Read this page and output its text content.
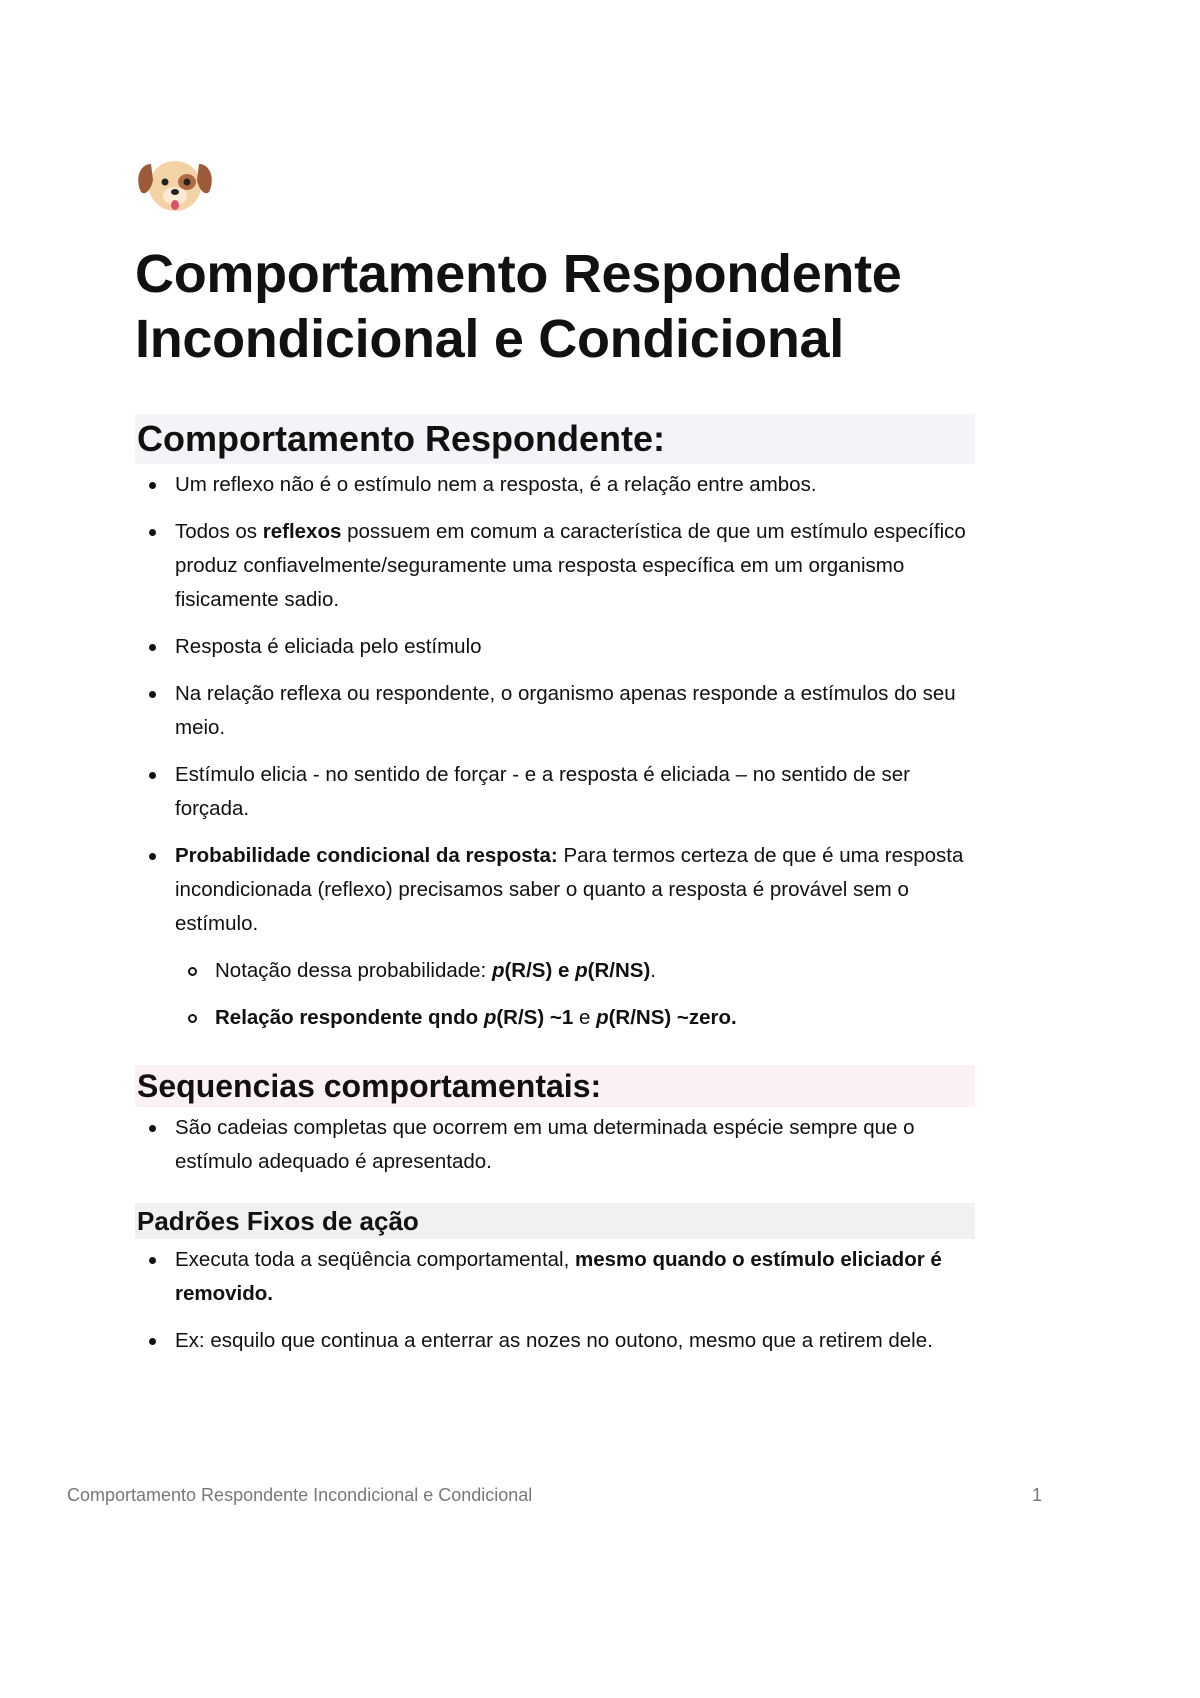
Comportamento Respondente
Incondicional e Condicional
Comportamento Respondente:
Um reflexo não é o estímulo nem a resposta, é a relação entre ambos.
Todos os reflexos possuem em comum a característica de que um estímulo específico produz confiavelmente/seguramente uma resposta específica em um organismo fisicamente sadio.
Resposta é eliciada pelo estímulo
Na relação reflexa ou respondente, o organismo apenas responde a estímulos do seu meio.
Estímulo elicia - no sentido de forçar - e a resposta é eliciada – no sentido de ser forçada.
Probabilidade condicional da resposta: Para termos certeza de que é uma resposta incondicionada (reflexo) precisamos saber o quanto a resposta é provável sem o estímulo.
Notação dessa probabilidade: p(R/S) e p(R/NS).
Relação respondente qndo p(R/S) ~1 e p(R/NS) ~zero.
Sequencias comportamentais:
São cadeias completas que ocorrem em uma determinada espécie sempre que o estímulo adequado é apresentado.
Padrões Fixos de ação
Executa toda a seqüência comportamental, mesmo quando o estímulo eliciador é removido.
Ex: esquilo que continua a enterrar as nozes no outono, mesmo que a retirem dele.
Comportamento Respondente Incondicional e Condicional	1
